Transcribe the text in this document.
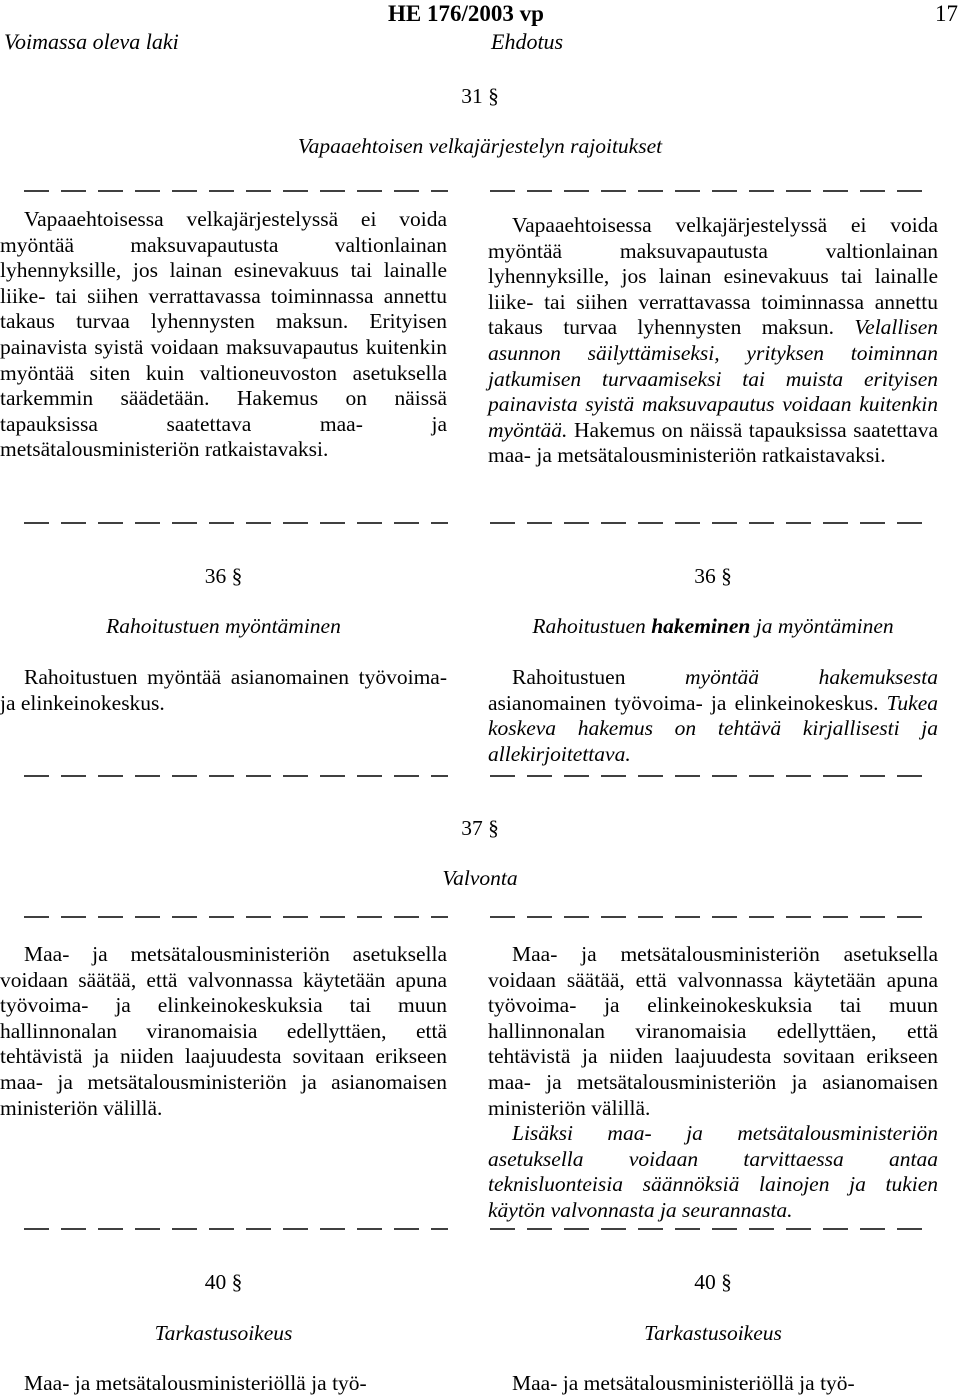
HE 176/2003 vp	17
Voimassa oleva laki	Ehdotus
31 §
Vapaaehtoisen velkajärjestelyn rajoitukset

Vapaaehtoisessa velkajärjestelyssä ei voida myöntää maksuvapautusta valtionlainan lyhennyksille, jos lainan esinevakuus tai lainalle liike- tai siihen verrattavassa toiminnassa annettu takaus turvaa lyhennysten maksun. Erityisen painavista syistä voidaan maksuvapautus kuitenkin myöntää siten kuin valtioneuvoston asetuksella tarkemmin säädetään. Hakemus on näissä tapauksissa saatettava maa- ja metsätalousministeriön ratkaistavaksi.

Vapaaehtoisessa velkajärjestelyssä ei voida myöntää maksuvapautusta valtionlainan lyhennyksille, jos lainan esinevakuus tai lainalle liike- tai siihen verrattavassa toiminnassa annettu takaus turvaa lyhennysten maksun. Velallisen asunnon säilyttämiseksi, yrityksen toiminnan jatkumisen turvaamiseksi tai muista erityisen painavista syistä maksuvapautus voidaan kuitenkin myöntää. Hakemus on näissä tapauksissa saatettava maa- ja metsätalousministeriön ratkaistavaksi.

36 §
Rahoitustuen myöntäminen
36 §
Rahoitustuen hakeminen ja myöntäminen

Rahoitustuen myöntää asianomainen työvoima- ja elinkeinokeskus.

Rahoitustuen	myöntää hakemuksesta asianomainen työvoima- ja elinkeinokeskus. Tukea koskeva hakemus on tehtävä kirjallisesti ja allekirjoitettava.

37 §
Valvonta

Maa- ja metsätalousministeriön asetuksella voidaan säätää, että valvonnassa käytetään apuna työvoima- ja elinkeinokeskuksia tai muun hallinnonalan viranomaisia edellyttäen, että tehtävistä ja niiden laajuudesta sovitaan erikseen maa- ja metsätalousministeriön ja asianomaisen ministeriön välillä.

Maa- ja metsätalousministeriön asetuksella voidaan säätää, että valvonnassa käytetään apuna työvoima- ja elinkeinokeskuksia tai muun hallinnonalan viranomaisia edellyttäen, että tehtävistä ja niiden laajuudesta sovitaan erikseen maa- ja metsätalousministeriön ja asianomaisen ministeriön välillä.

Lisäksi maa- ja metsätalousministeriön asetuksella voidaan tarvittaessa antaa teknisluonteisia säännöksiä lainojen ja tukien käytön valvonnasta ja seurannasta.

40 §
Tarkastusoikeus
40 §
Tarkastusoikeus

Maa- ja metsätalousministeriöllä ja työ-	Maa- ja metsätalousministeriöllä ja työ-
